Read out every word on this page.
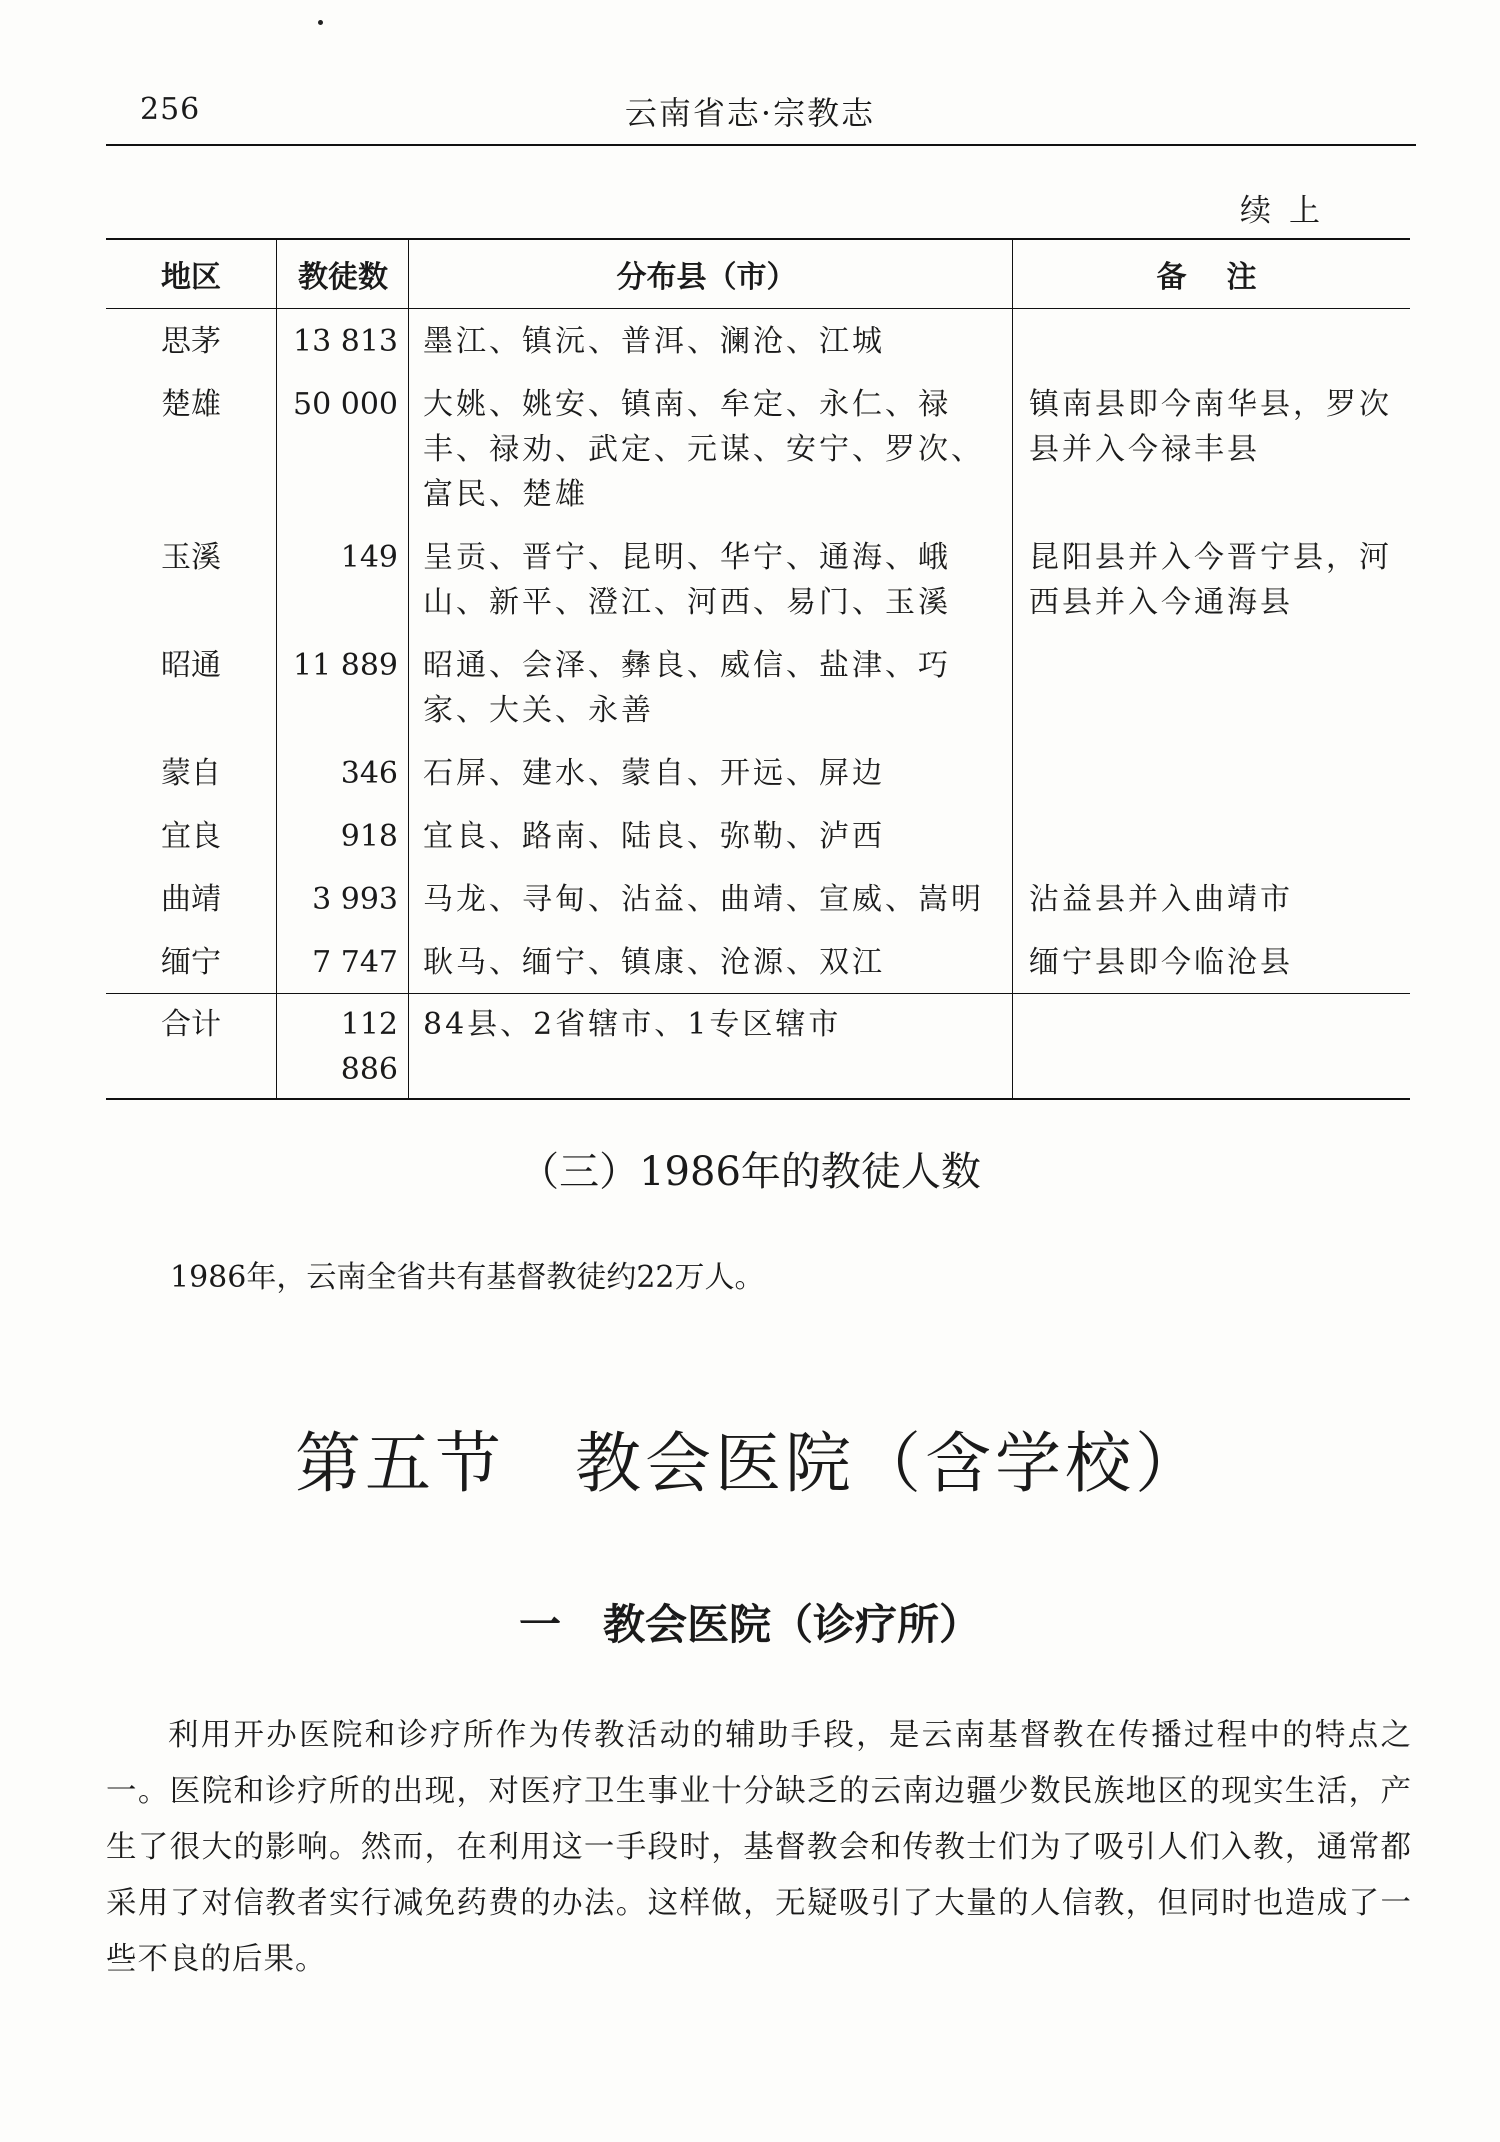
256	云南省志·宗教志
续上
地区	教徒数	分布县（市）	备注
思茅	13 813	墨江、镇沅、普洱、澜沧、江城	
楚雄	50 000	大姚、姚安、镇南、牟定、永仁、禄丰、禄劝、武定、元谋、安宁、罗次、富民、楚雄	镇南县即今南华县，罗次县并入今禄丰县
玉溪	149	呈贡、晋宁、昆明、华宁、通海、峨山、新平、澄江、河西、易门、玉溪	昆阳县并入今晋宁县，河西县并入今通海县
昭通	11 889	昭通、会泽、彝良、威信、盐津、巧家、大关、永善	
蒙自	346	石屏、建水、蒙自、开远、屏边	
宜良	918	宜良、路南、陆良、弥勒、泸西	
曲靖	3 993	马龙、寻甸、沾益、曲靖、宣威、嵩明	沾益县并入曲靖市
缅宁	7 747	耿马、缅宁、镇康、沧源、双江	缅宁县即今临沧县
合计	112 886	84县、2省辖市、1专区辖市	
（三）1986年的教徒人数
1986年，云南全省共有基督教徒约22万人。
第五节　教会医院（含学校）
一　教会医院（诊疗所）

利用开办医院和诊疗所作为传教活动的辅助手段，是云南基督教在传播过程中的特点之一。医院和诊疗所的出现，对医疗卫生事业十分缺乏的云南边疆少数民族地区的现实生活，产生了很大的影响。然而，在利用这一手段时，基督教会和传教士们为了吸引人们入教，通常都采用了对信教者实行减免药费的办法。这样做，无疑吸引了大量的人信教，但同时也造成了一些不良的后果。
